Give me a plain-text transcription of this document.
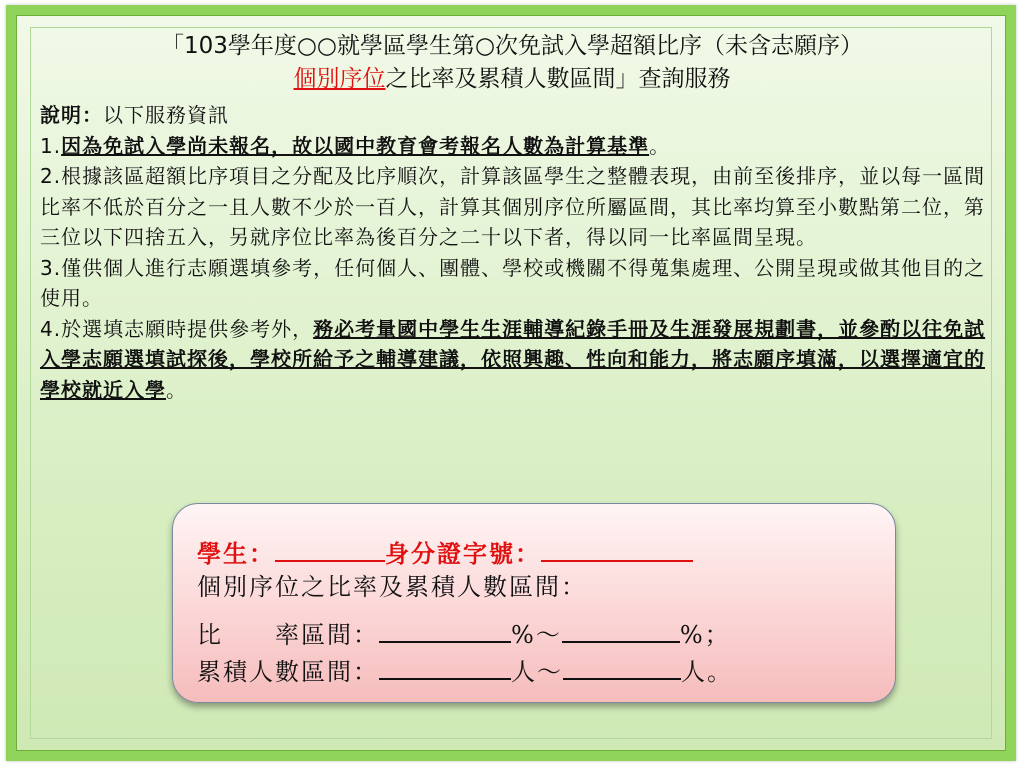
「103學年度○○就學區學生第○次免試入學超額比序（未含志願序）
個別序位之比率及累積人數區間」查詢服務

說明：以下服務資訊

1.因為免試入學尚未報名，故以國中教育會考報名人數為計算基準。

2.根據該區超額比序項目之分配及比序順次，計算該區學生之整體表現，由前至後排序，並以每一區間比率不低於百分之一且人數不少於一百人，計算其個別序位所屬區間，其比率均算至小數點第二位，第三位以下四捨五入，另就序位比率為後百分之二十以下者，得以同一比率區間呈現。

3.僅供個人進行志願選填參考，任何個人、團體、學校或機關不得蒐集處理、公開呈現或做其他目的之使用。

4.於選填志願時提供參考外，務必考量國中學生生涯輔導紀錄手冊及生涯發展規劃書，並參酌以往免試入學志願選填試探後，學校所給予之輔導建議，依照興趣、性向和能力，將志願序填滿，以選擇適宜的學校就近入學。

學生：	身分證字號：
個別序位之比率及累積人數區間：
比　　率區間：	%～	%；
累積人數區間：	人～	人。
